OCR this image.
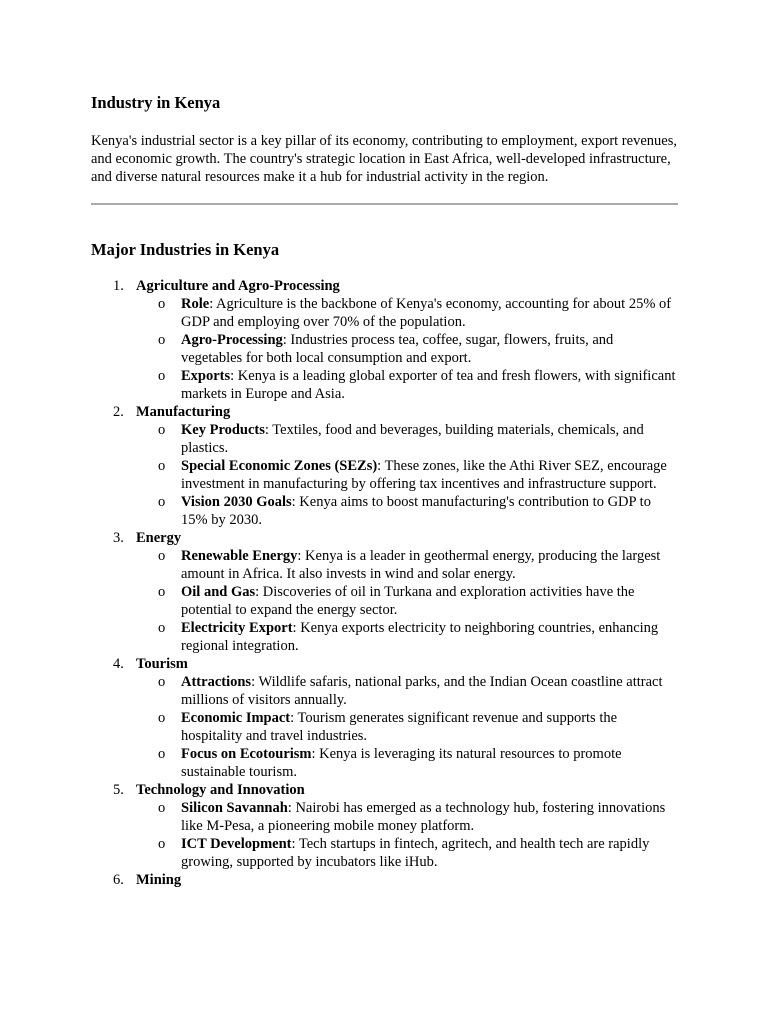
Industry in Kenya

Kenya's industrial sector is a key pillar of its economy, contributing to employment, export revenues, and economic growth. The country's strategic location in East Africa, well-developed infrastructure, and diverse natural resources make it a hub for industrial activity in the region.

Major Industries in Kenya
1. Agriculture and Agro-Processing
o Role: Agriculture is the backbone of Kenya's economy, accounting for about 25% of GDP and employing over 70% of the population.
o Agro-Processing: Industries process tea, coffee, sugar, flowers, fruits, and vegetables for both local consumption and export.
o Exports: Kenya is a leading global exporter of tea and fresh flowers, with significant markets in Europe and Asia.
2. Manufacturing
o Key Products: Textiles, food and beverages, building materials, chemicals, and plastics.
o Special Economic Zones (SEZs): These zones, like the Athi River SEZ, encourage investment in manufacturing by offering tax incentives and infrastructure support.
o Vision 2030 Goals: Kenya aims to boost manufacturing's contribution to GDP to 15% by 2030.
3. Energy
o Renewable Energy: Kenya is a leader in geothermal energy, producing the largest amount in Africa. It also invests in wind and solar energy.
o Oil and Gas: Discoveries of oil in Turkana and exploration activities have the potential to expand the energy sector.
o Electricity Export: Kenya exports electricity to neighboring countries, enhancing regional integration.
4. Tourism
o Attractions: Wildlife safaris, national parks, and the Indian Ocean coastline attract millions of visitors annually.
o Economic Impact: Tourism generates significant revenue and supports the hospitality and travel industries.
o Focus on Ecotourism: Kenya is leveraging its natural resources to promote sustainable tourism.
5. Technology and Innovation
o Silicon Savannah: Nairobi has emerged as a technology hub, fostering innovations like M-Pesa, a pioneering mobile money platform.
o ICT Development: Tech startups in fintech, agritech, and health tech are rapidly growing, supported by incubators like iHub.
6. Mining
